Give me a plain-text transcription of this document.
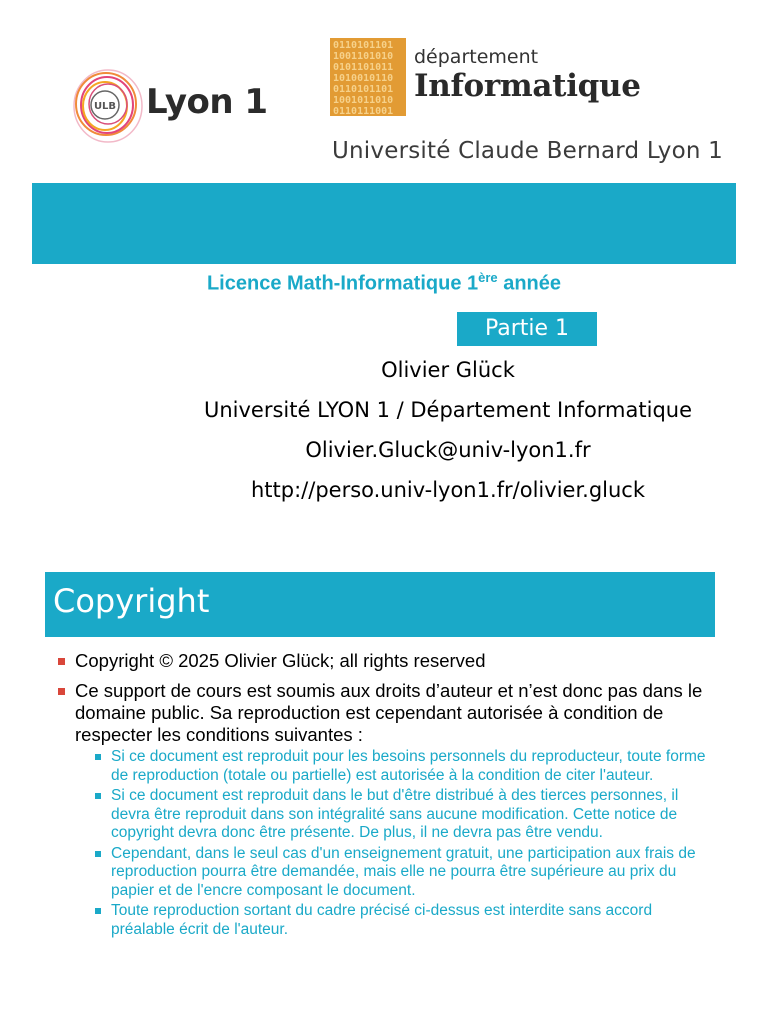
ULB Lyon 1
0110101101
1001101010
0101101011
1010010110
0110101101
1001011010
0110111001
département
Informatique
Université Claude Bernard Lyon 1
Licence Math-Informatique 1ère année
Partie 1
Olivier Glück
Université LYON 1 / Département Informatique
Olivier.Gluck@univ-lyon1.fr
http://perso.univ-lyon1.fr/olivier.gluck
Copyright
Copyright © 2025 Olivier Glück; all rights reserved
Ce support de cours est soumis aux droits d’auteur et n’est donc pas dans le domaine public. Sa reproduction est cependant autorisée à condition de respecter les conditions suivantes :
Si ce document est reproduit pour les besoins personnels du reproducteur, toute forme de reproduction (totale ou partielle) est autorisée à la condition de citer l'auteur.
Si ce document est reproduit dans le but d'être distribué à des tierces personnes, il devra être reproduit dans son intégralité sans aucune modification. Cette notice de copyright devra donc être présente. De plus, il ne devra pas être vendu.
Cependant, dans le seul cas d'un enseignement gratuit, une participation aux frais de reproduction pourra être demandée, mais elle ne pourra être supérieure au prix du papier et de l'encre composant le document.
Toute reproduction sortant du cadre précisé ci-dessus est interdite sans accord préalable écrit de l'auteur.
